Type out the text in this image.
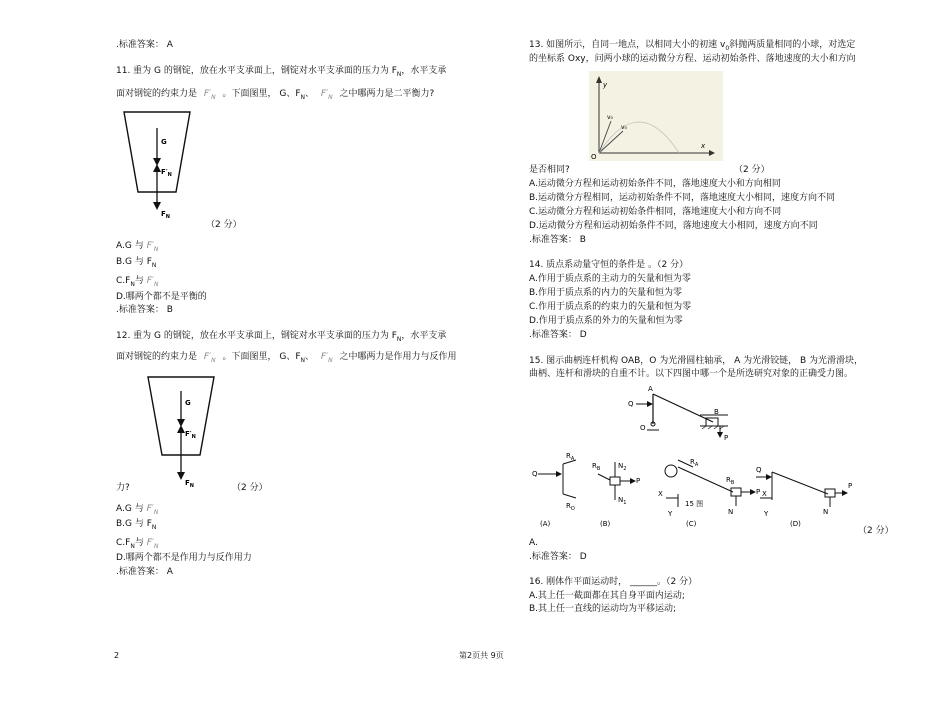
.标准答案： A
11. 重为 G 的钢锭，放在水平支承面上，钢锭对水平支承面的压力为 $F_N$，水平支承
面对钢锭的约束力是 $F'_N$ 。下面图里， G、$F_N$、 $F'_N$ 之中哪两力是二平衡力?
G
$F'_N$
$F_N$
（2 分）
A.G 与 $F'_N$
B.G 与 $F_N$
$C.F_N$与 $F'_N$
D.哪两个都不是平衡的
.标准答案： B
12. 重为 G 的钢锭，放在水平支承面上，钢锭对水平支承面的压力为 $F_N$，水平支承
面对钢锭的约束力是 $F'_N$ 。下面图里， G、$F_N$、 $F'_N$ 之中哪两力是作用力与反作用
G
$F'_N$
$F_N$
力?	（2 分）
A.G 与 $F'_N$
B.G 与 $F_N$
$C.F_N$与 $F'_N$
D.哪两个都不是作用力与反作用力
.标准答案： A
13. 如图所示，自同一地点，以相同大小的初速 $v_0$斜抛两质量相同的小球，对选定
的坐标系 Oxy，问两小球的运动微分方程、运动初始条件、落地速度的大小和方向
y
x
O
v₀
v₀
是否相同?	（2 分）
A.运动微分方程和运动初始条件不同，落地速度大小和方向相同
B.运动微分方程相同，运动初始条件不同，落地速度大小相同，速度方向不同
C.运动微分方程和运动初始条件相同，落地速度大小和方向不同
D.运动微分方程和运动初始条件不同，落地速度大小相同，速度方向不同
.标准答案： B
14. 质点系动量守恒的条件是 。（2 分）
A.作用于质点系的主动力的矢量和恒为零
B.作用于质点系的内力的矢量和恒为零
C.作用于质点系的约束力的矢量和恒为零
D.作用于质点系的外力的矢量和恒为零
.标准答案： D
15. 图示曲柄连杆机构 OAB，O 为光滑圆柱轴承， A 为光滑铰链， B 为光滑滑块，
曲柄、连杆和滑块的自重不计。以下四图中哪一个是所选研究对象的正确受力图。
A
B
O
Q
P
Q
$R_A$
$R_O$
(A)
$R_B$	$N_2$
$N_1$
P
(B)
$R_A$
$R_B$
X
Y
15 图
N
P
(C)
Q
X
Y	N
P
(D)
（2 分）
A.
.标准答案： D
16. 刚体作平面运动时， ______。（2 分）
A.其上任一截面都在其自身平面内运动;
B.其上任一直线的运动均为平移运动;
2	第2页共 9页
